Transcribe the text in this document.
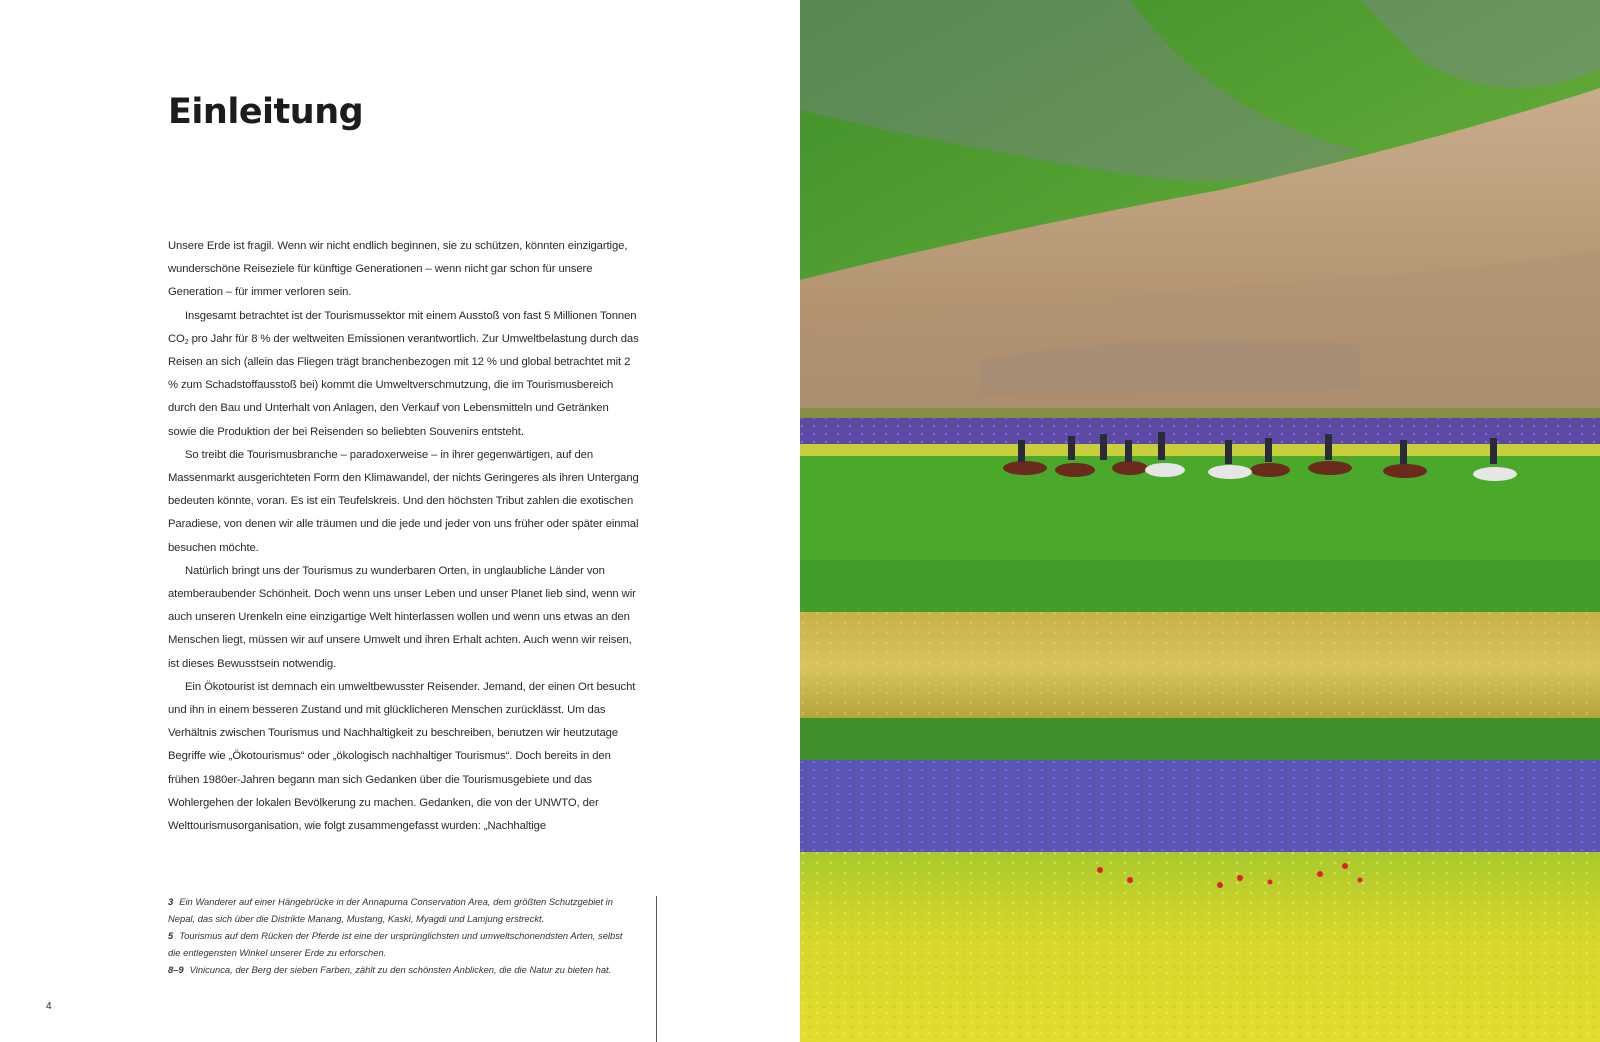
Einleitung

Unsere Erde ist fragil. Wenn wir nicht endlich beginnen, sie zu schützen, könnten einzigartige, wunderschöne Reiseziele für künftige Generationen – wenn nicht gar schon für unsere Generation – für immer verloren sein.

Insgesamt betrachtet ist der Tourismussektor mit einem Ausstoß von fast 5 Millionen Tonnen $CO_2$ pro Jahr für 8 % der weltweiten Emissionen verantwortlich. Zur Umweltbelastung durch das Reisen an sich (allein das Fliegen trägt branchenbezogen mit 12 % und global betrachtet mit 2 % zum Schadstoffausstoß bei) kommt die Umweltverschmutzung, die im Tourismusbereich durch den Bau und Unterhalt von Anlagen, den Verkauf von Lebensmitteln und Getränken sowie die Produktion der bei Reisenden so beliebten Souvenirs entsteht.

So treibt die Tourismusbranche – paradoxerweise – in ihrer gegenwärtigen, auf den Massenmarkt ausgerichteten Form den Klimawandel, der nichts Geringeres als ihren Untergang bedeuten könnte, voran. Es ist ein Teufelskreis. Und den höchsten Tribut zahlen die exotischen Paradiese, von denen wir alle träumen und die jede und jeder von uns früher oder später einmal besuchen möchte.

Natürlich bringt uns der Tourismus zu wunderbaren Orten, in unglaubliche Länder von atemberaubender Schönheit. Doch wenn uns unser Leben und unser Planet lieb sind, wenn wir auch unseren Urenkeln eine einzigartige Welt hinterlassen wollen und wenn uns etwas an den Menschen liegt, müssen wir auf unsere Umwelt und ihren Erhalt achten. Auch wenn wir reisen, ist dieses Bewusstsein notwendig.

Ein Ökotourist ist demnach ein umweltbewusster Reisender. Jemand, der einen Ort besucht und ihn in einem besseren Zustand und mit glücklicheren Menschen zurücklässt. Um das Verhältnis zwischen Tourismus und Nachhaltigkeit zu beschreiben, benutzen wir heutzutage Begriffe wie „Ökotourismus“ oder „ökologisch nachhaltiger Tourismus“. Doch bereits in den frühen 1980er-Jahren begann man sich Gedanken über die Tourismusgebiete und das Wohlergehen der lokalen Bevölkerung zu machen. Gedanken, die von der UNWTO, der Welttourismusorganisation, wie folgt zusammengefasst wurden: „Nachhaltige

3 Ein Wanderer auf einer Hängebrücke in der Annapurna Conservation Area, dem größten Schutzgebiet in Nepal, das sich über die Distrikte Manang, Mustang, Kaski, Myagdi und Lamjung erstreckt.

5 Tourismus auf dem Rücken der Pferde ist eine der ursprünglichsten und umweltschonendsten Arten, selbst die entlegensten Winkel unserer Erde zu erforschen.

8–9 Vinicunca, der Berg der sieben Farben, zählt zu den schönsten Anblicken, die die Natur zu bieten hat.

4
